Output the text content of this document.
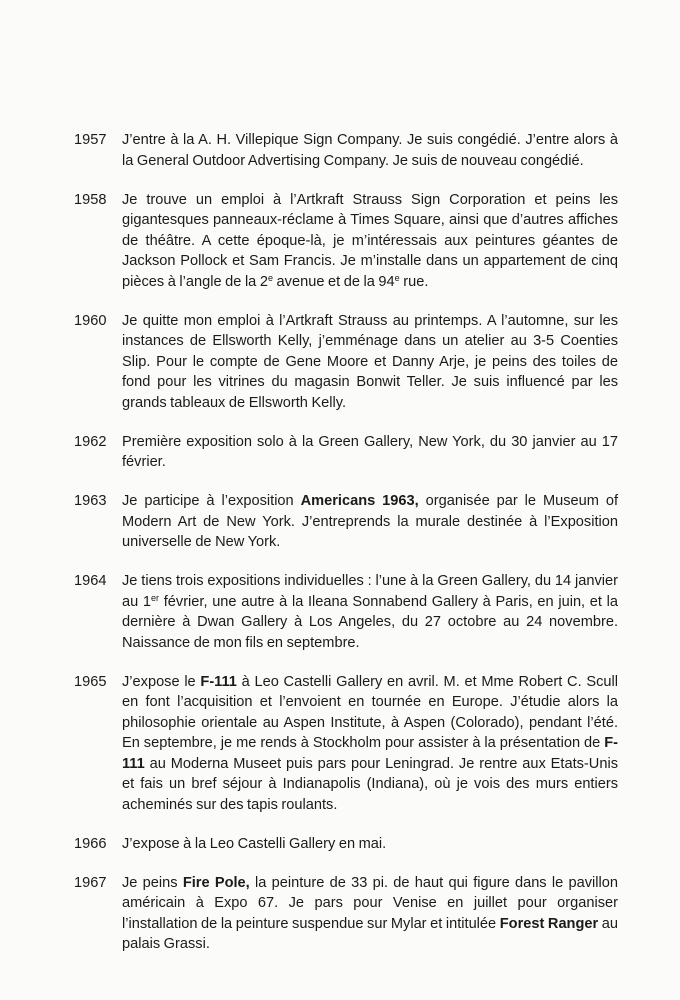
1957	J’entre à la A. H. Villepique Sign Company. Je suis congédié. J’entre alors à la General Outdoor Advertising Company. Je suis de nouveau congédié.
1958	Je trouve un emploi à l’Artkraft Strauss Sign Corporation et peins les gigantesques panneaux-réclame à Times Square, ainsi que d’autres affiches de théâtre. A cette époque-là, je m’intéressais aux peintures géantes de Jackson Pollock et Sam Francis. Je m’installe dans un appartement de cinq pièces à l’angle de la 2e avenue et de la 94e rue.
1960	Je quitte mon emploi à l’Artkraft Strauss au printemps. A l’automne, sur les instances de Ellsworth Kelly, j’emménage dans un atelier au 3-5 Coenties Slip. Pour le compte de Gene Moore et Danny Arje, je peins des toiles de fond pour les vitrines du magasin Bonwit Teller. Je suis influencé par les grands tableaux de Ellsworth Kelly.
1962	Première exposition solo à la Green Gallery, New York, du 30 janvier au 17 février.
1963	Je participe à l’exposition Americans 1963, organisée par le Museum of Modern Art de New York. J’entreprends la murale destinée à l’Exposition universelle de New York.
1964	Je tiens trois expositions individuelles : l’une à la Green Gallery, du 14 janvier au 1er février, une autre à la Ileana Sonnabend Gallery à Paris, en juin, et la dernière à Dwan Gallery à Los Angeles, du 27 octobre au 24 novembre. Naissance de mon fils en septembre.
1965	J’expose le F-111 à Leo Castelli Gallery en avril. M. et Mme Robert C. Scull en font l’acquisition et l’envoient en tournée en Europe. J’étudie alors la philosophie orientale au Aspen Institute, à Aspen (Colorado), pendant l’été. En septembre, je me rends à Stockholm pour assister à la présentation de F-111 au Moderna Museet puis pars pour Leningrad. Je rentre aux Etats-Unis et fais un bref séjour à Indianapolis (Indiana), où je vois des murs entiers acheminés sur des tapis roulants.
1966	J’expose à la Leo Castelli Gallery en mai.
1967	Je peins Fire Pole, la peinture de 33 pi. de haut qui figure dans le pavillon américain à Expo 67. Je pars pour Venise en juillet pour organiser l’installation de la peinture suspendue sur Mylar et intitulée Forest Ranger au palais Grassi.
